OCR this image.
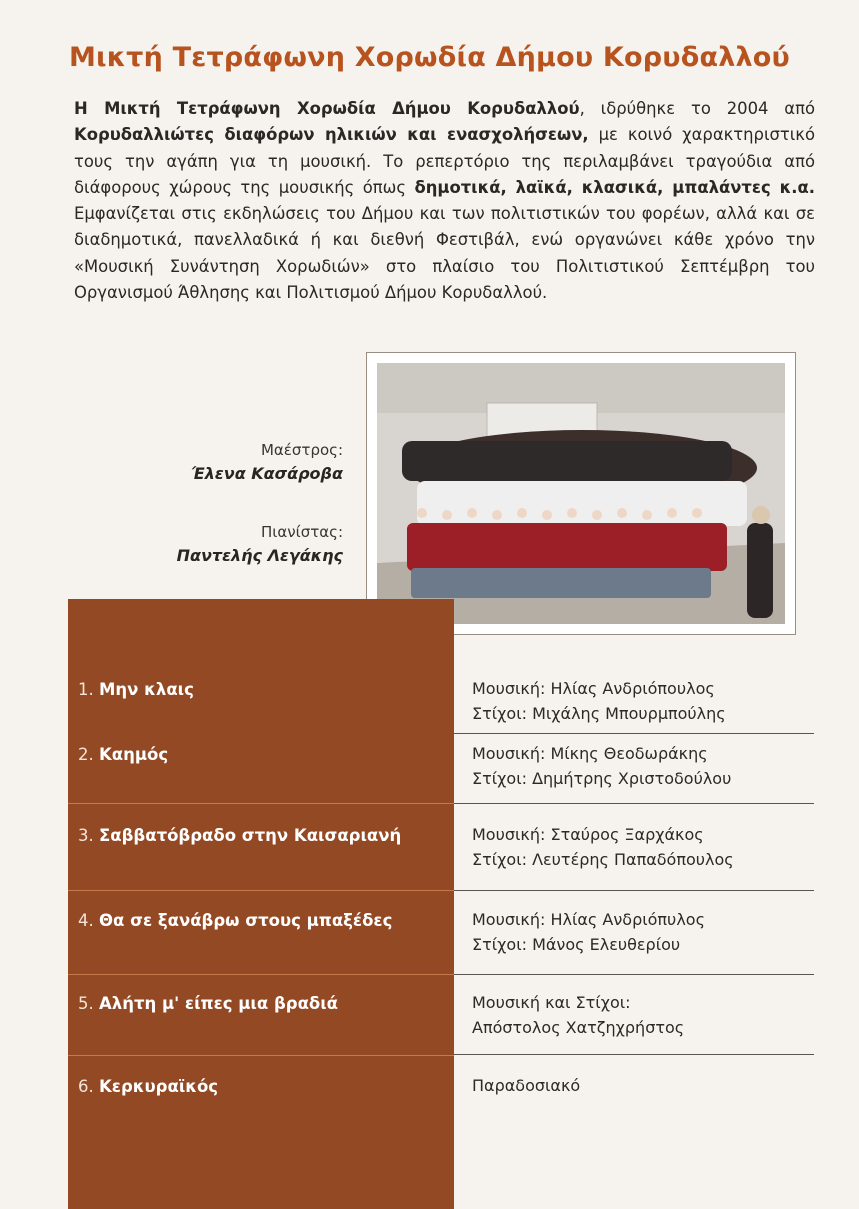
Μικτή Τετράφωνη Χορωδία Δήμου Κορυδαλλού
Η Μικτή Τετράφωνη Χορωδία Δήμου Κορυδαλλού, ιδρύθηκε το 2004 από Κορυδαλλιώτες διαφόρων ηλικιών και ενασχολήσεων, με κοινό χαρακτηριστικό τους την αγάπη για τη μουσική. Το ρεπερτόριο της περιλαμβάνει τραγούδια από διάφορους χώρους της μουσικής όπως δημοτικά, λαϊκά, κλασικά, μπαλάντες κ.α. Εμφανίζεται στις εκδηλώσεις του Δήμου και των πολιτιστικών του φορέων, αλλά και σε διαδημοτικά, πανελλαδικά ή και διεθνή Φεστιβάλ, ενώ οργανώνει κάθε χρόνο την «Μουσική Συνάντηση Χορωδιών» στο πλαίσιο του Πολιτιστικού Σεπτέμβρη του Οργανισμού Άθλησης και Πολιτισμού Δήμου Κορυδαλλού.
Μαέστρος:
Έλενα Κασάροβα
Πιανίστας:
Παντελής Λεγάκης
1. Μην κλαις	Μουσική: Ηλίας Ανδριόπουλος
Στίχοι: Μιχάλης Μπουρμπούλης
2. Καημός	Μουσική: Μίκης Θεοδωράκης
Στίχοι: Δημήτρης Χριστοδούλου
3. Σαββατόβραδο στην Καισαριανή	Μουσική: Σταύρος Ξαρχάκος
Στίχοι: Λευτέρης Παπαδόπουλος
4. Θα σε ξανάβρω στους μπαξέδες	Μουσική: Ηλίας Ανδριόπυλος
Στίχοι: Μάνος Ελευθερίου
5. Αλήτη μ' είπες μια βραδιά	Μουσική και Στίχοι:
Απόστολος Χατζηχρήστος
6. Κερκυραϊκός	Παραδοσιακό
